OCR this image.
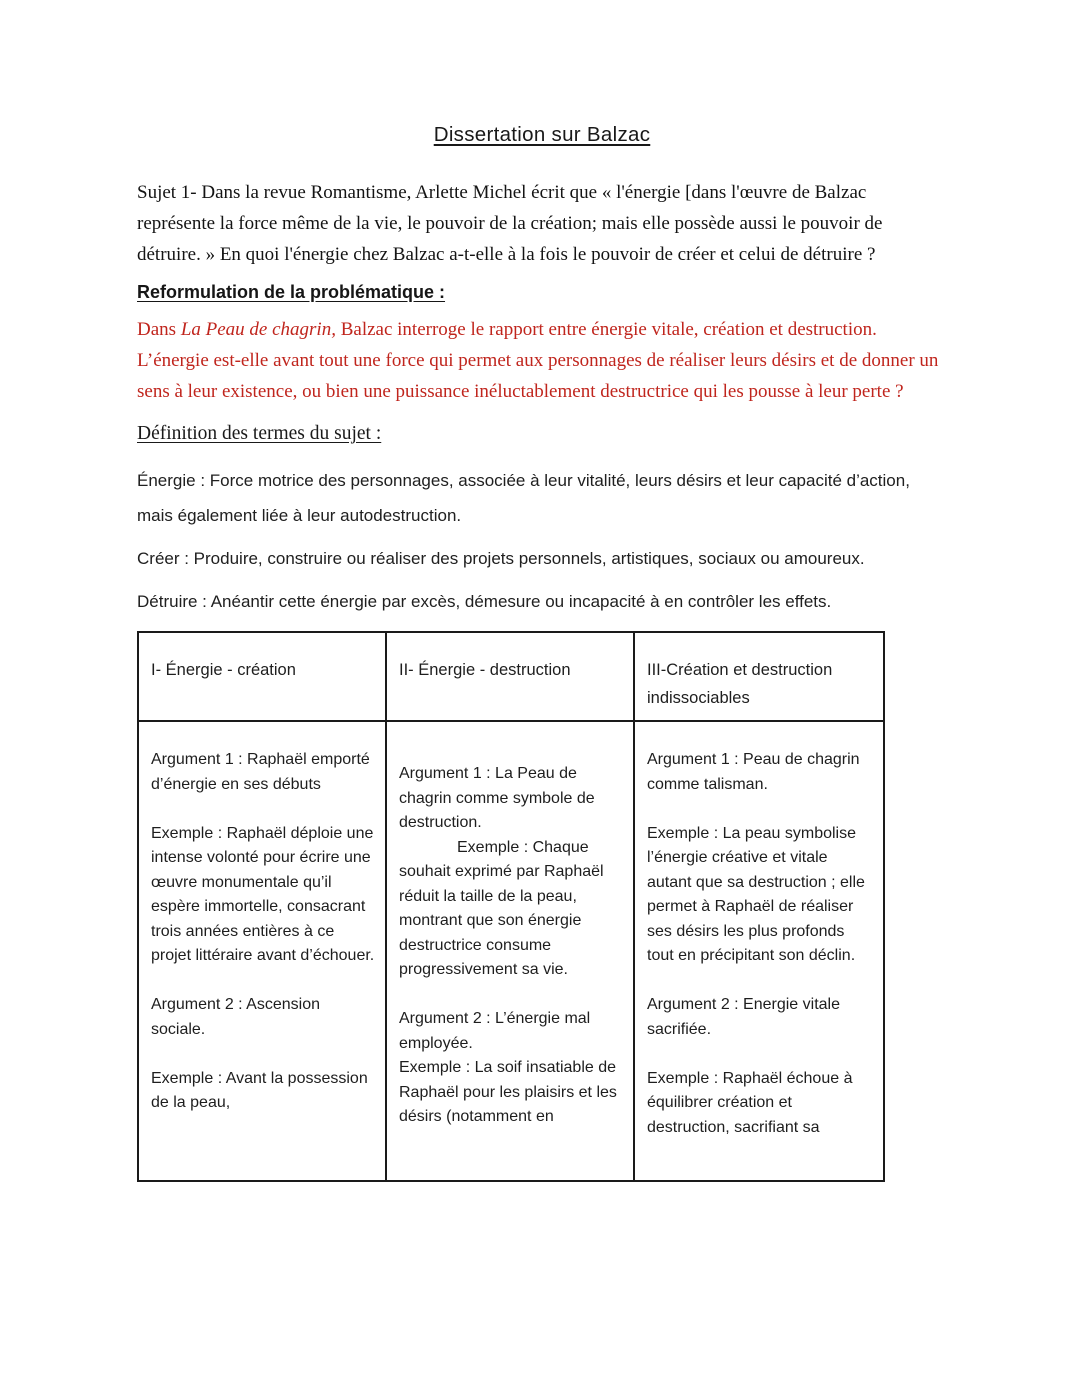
Dissertation sur Balzac

Sujet 1- Dans la revue Romantisme, Arlette Michel écrit que « l'énergie [dans l'œuvre de Balzac représente la force même de la vie, le pouvoir de la création; mais elle possède aussi le pouvoir de détruire. » En quoi l'énergie chez Balzac a-t-elle à la fois le pouvoir de créer et celui de détruire ?

Reformulation de la problématique :

Dans La Peau de chagrin, Balzac interroge le rapport entre énergie vitale, création et destruction. L’énergie est-elle avant tout une force qui permet aux personnages de réaliser leurs désirs et de donner un sens à leur existence, ou bien une puissance inéluctablement destructrice qui les pousse à leur perte ?

Définition des termes du sujet :

Énergie : Force motrice des personnages, associée à leur vitalité, leurs désirs et leur capacité d’action, mais également liée à leur autodestruction.

Créer : Produire, construire ou réaliser des projets personnels, artistiques, sociaux ou amoureux.

Détruire : Anéantir cette énergie par excès, démesure ou incapacité à en contrôler les effets.

I- Énergie - création	II- Énergie - destruction	III-Création et destruction indissociables

Argument 1 : Raphaël emporté d’énergie en ses débuts

Exemple : Raphaël déploie une intense volonté pour écrire une œuvre monumentale qu’il espère immortelle, consacrant trois années entières à ce projet littéraire avant d’échouer.

Argument 2 : Ascension sociale.

Exemple : Avant la possession de la peau,

Argument 1 : La Peau de chagrin comme symbole de destruction.

Exemple : Chaque souhait exprimé par Raphaël réduit la taille de la peau, montrant que son énergie destructrice consume progressivement sa vie.

Argument 2 : L’énergie mal employée.

Exemple : La soif insatiable de Raphaël pour les plaisirs et les désirs (notamment en

Argument 1 : Peau de chagrin comme talisman.

Exemple : La peau symbolise l’énergie créative et vitale autant que sa destruction ; elle permet à Raphaël de réaliser ses désirs les plus profonds tout en précipitant son déclin.

Argument 2 : Energie vitale sacrifiée.

Exemple : Raphaël échoue à équilibrer création et destruction, sacrifiant sa
